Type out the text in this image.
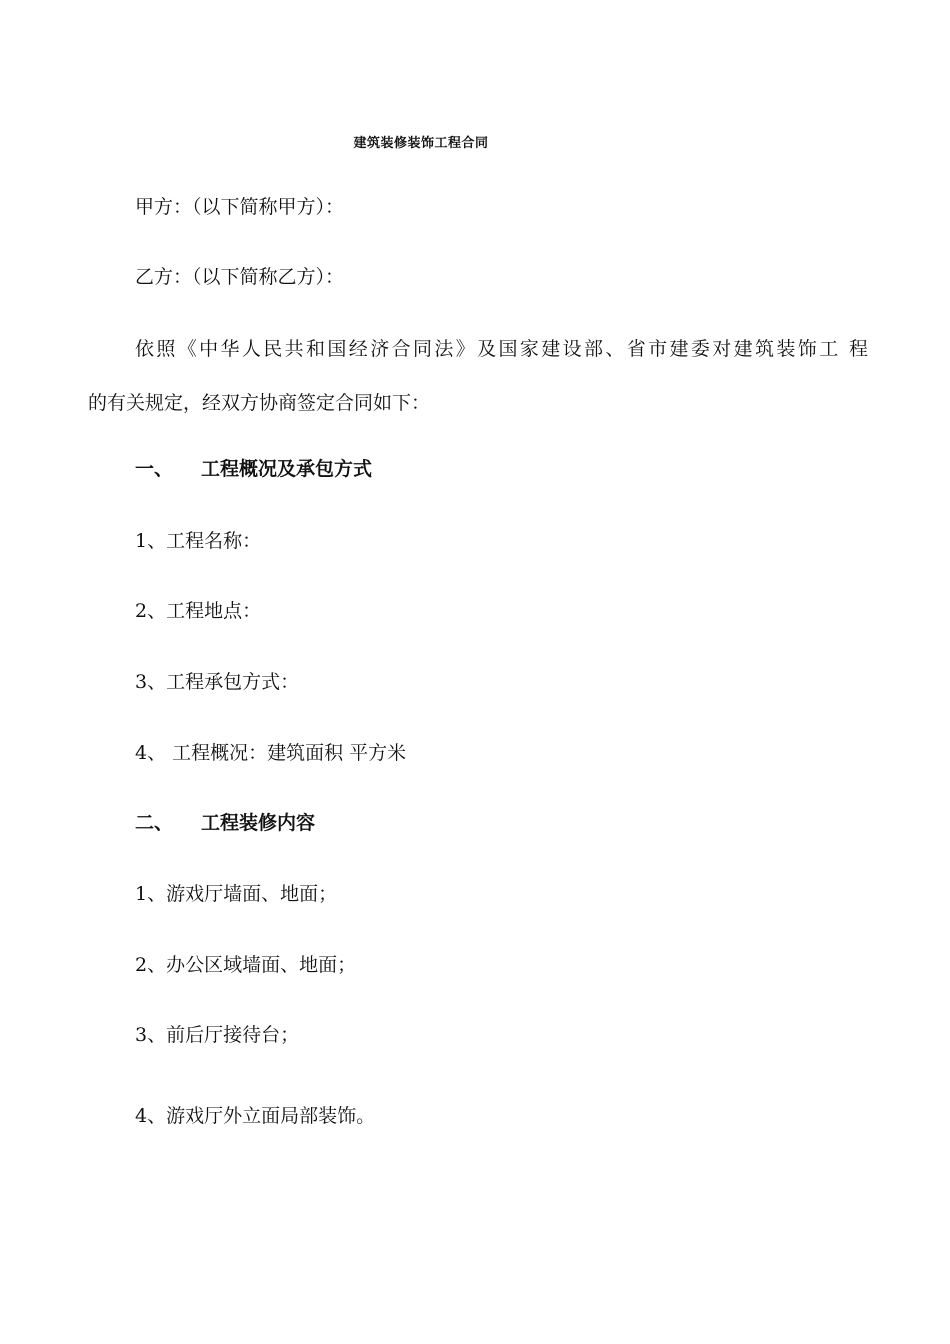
建筑装修装饰工程合同
甲方：（以下简称甲方）：
乙方：（以下简称乙方）：
依照《中华人民共和国经济合同法》及国家建设部、省市建委对建筑装饰工 程
的有关规定，经双方协商签定合同如下：
一、 工程概况及承包方式
1、工程名称：
2、工程地点：
3、工程承包方式：
4、 工程概况：建筑面积 平方米
二、 工程装修内容
1、游戏厅墙面、地面；
2、办公区域墙面、地面；
3、前后厅接待台；
4、游戏厅外立面局部装饰。
